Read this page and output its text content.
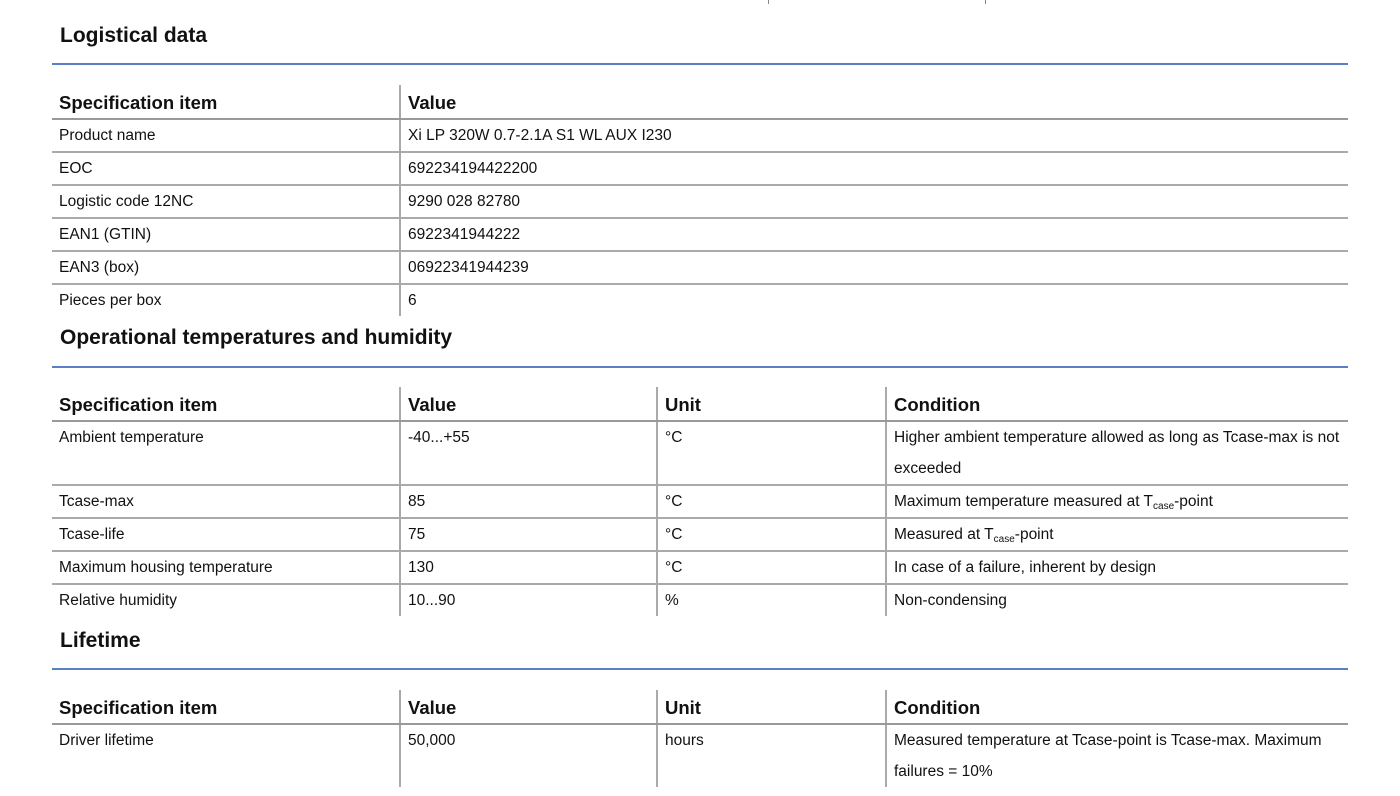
Logistical data
Specification item	Value
Product name	Xi LP 320W 0.7-2.1A S1 WL AUX I230
EOC	692234194422200
Logistic code 12NC	9290 028 82780
EAN1 (GTIN)	6922341944222
EAN3 (box)	06922341944239
Pieces per box	6
Operational temperatures and humidity
Specification item	Value	Unit	Condition
Ambient temperature	-40...+55	°C	Higher ambient temperature allowed as long as Tcase-max is not exceeded
Tcase-max	85	°C	Maximum temperature measured at $T_{case}$-point
Tcase-life	75	°C	Measured at $T_{case}$-point
Maximum housing temperature	130	°C	In case of a failure, inherent by design
Relative humidity	10...90	%	Non-condensing
Lifetime
Specification item	Value	Unit	Condition
Driver lifetime	50,000	hours	Measured temperature at Tcase-point is Tcase-max. Maximum failures = 10%
